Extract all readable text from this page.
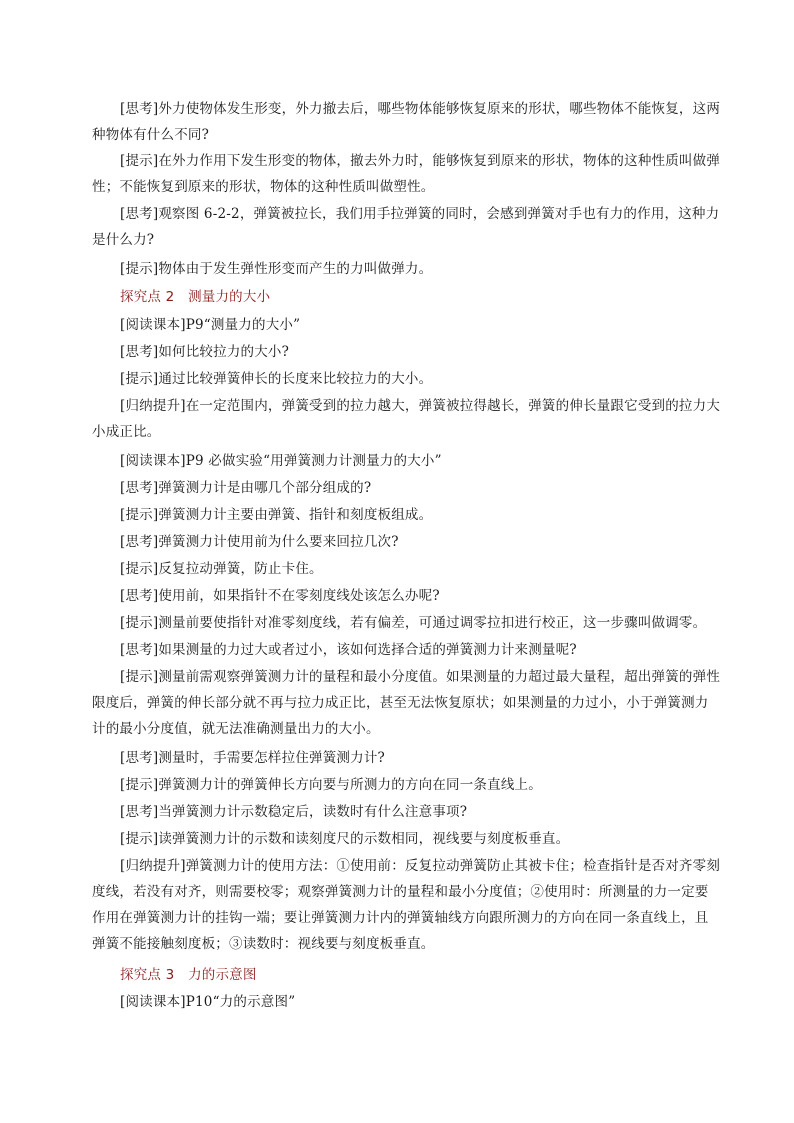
[思考]外力使物体发生形变，外力撤去后，哪些物体能够恢复原来的形状，哪些物体不能恢复，这两种物体有什么不同?

[提示]在外力作用下发生形变的物体，撤去外力时，能够恢复到原来的形状，物体的这种性质叫做弹性；不能恢复到原来的形状，物体的这种性质叫做塑性。

[思考]观察图 6-2-2，弹簧被拉长，我们用手拉弹簧的同时，会感到弹簧对手也有力的作用，这种力是什么力?

[提示]物体由于发生弹性形变而产生的力叫做弹力。

探究点 2　测量力的大小

[阅读课本]P9“测量力的大小”

[思考]如何比较拉力的大小?

[提示]通过比较弹簧伸长的长度来比较拉力的大小。

[归纳提升]在一定范围内，弹簧受到的拉力越大，弹簧被拉得越长，弹簧的伸长量跟它受到的拉力大小成正比。

[阅读课本]P9 必做实验“用弹簧测力计测量力的大小”

[思考]弹簧测力计是由哪几个部分组成的?

[提示]弹簧测力计主要由弹簧、指针和刻度板组成。

[思考]弹簧测力计使用前为什么要来回拉几次?

[提示]反复拉动弹簧，防止卡住。

[思考]使用前，如果指针不在零刻度线处该怎么办呢?

[提示]测量前要使指针对准零刻度线，若有偏差，可通过调零拉扣进行校正，这一步骤叫做调零。

[思考]如果测量的力过大或者过小，该如何选择合适的弹簧测力计来测量呢?

[提示]测量前需观察弹簧测力计的量程和最小分度值。如果测量的力超过最大量程，超出弹簧的弹性限度后，弹簧的伸长部分就不再与拉力成正比，甚至无法恢复原状；如果测量的力过小，小于弹簧测力计的最小分度值，就无法准确测量出力的大小。

[思考]测量时，手需要怎样拉住弹簧测力计?

[提示]弹簧测力计的弹簧伸长方向要与所测力的方向在同一条直线上。

[思考]当弹簧测力计示数稳定后，读数时有什么注意事项?

[提示]读弹簧测力计的示数和读刻度尺的示数相同，视线要与刻度板垂直。

[归纳提升]弹簧测力计的使用方法：①使用前：反复拉动弹簧防止其被卡住；检查指针是否对齐零刻度线，若没有对齐，则需要校零；观察弹簧测力计的量程和最小分度值；②使用时：所测量的力一定要作用在弹簧测力计的挂钩一端；要让弹簧测力计内的弹簧轴线方向跟所测力的方向在同一条直线上，且弹簧不能接触刻度板；③读数时：视线要与刻度板垂直。

探究点 3　力的示意图

[阅读课本]P10“力的示意图”
